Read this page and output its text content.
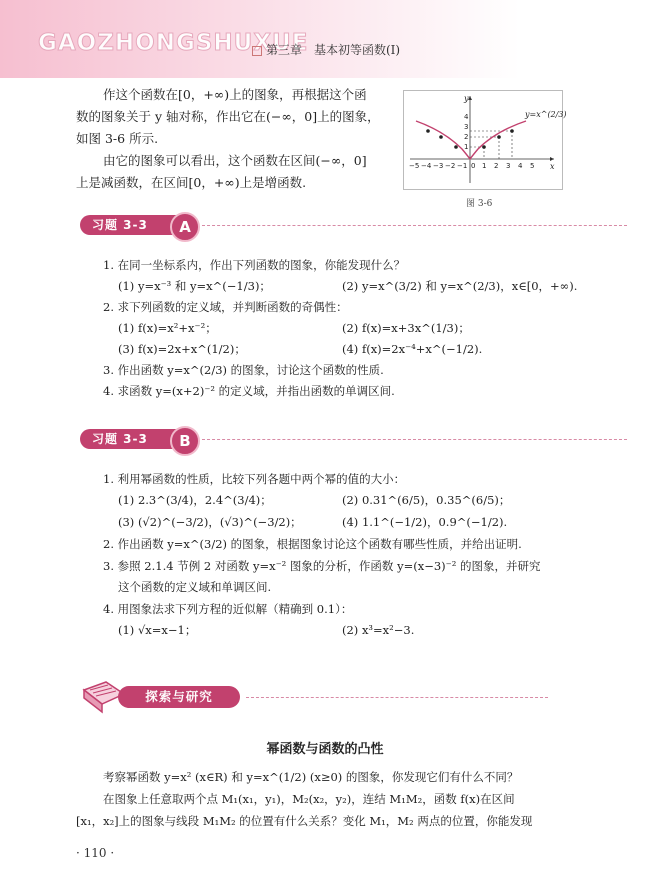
GAOZHONGSHUXUE
第三章　基本初等函数(Ⅰ)
作这个函数在[0，+∞)上的图象，再根据这个函
数的图象关于 y 轴对称，作出它在(−∞，0]上的图象，
如图 3-6 所示.
由它的图象可以看出，这个函数在区间(−∞，0]
上是减函数，在区间[0，+∞)上是增函数.
y=x^(2/3)
y
x
−5 −4 −3 −2 −1 0 1 2 3 4 5
1
2
3
4
图 3-6
习题 3-3	A
1. 在同一坐标系内，作出下列函数的图象，你能发现什么？
(1) y=x⁻³ 和 y=x^(−1/3)；	(2) y=x^(3/2) 和 y=x^(2/3)，x∈[0，+∞).
2. 求下列函数的定义域，并判断函数的奇偶性：
(1) f(x)=x²+x⁻²；	(2) f(x)=x+3x^(1/3)；
(3) f(x)=2x+x^(1/2)；	(4) f(x)=2x⁻⁴+x^(−1/2).
3. 作出函数 y=x^(2/3) 的图象，讨论这个函数的性质.
4. 求函数 y=(x+2)⁻² 的定义域，并指出函数的单调区间.
习题 3-3	B
1. 利用幂函数的性质，比较下列各题中两个幂的值的大小：
(1) 2.3^(3/4)，2.4^(3/4)；	(2) 0.31^(6/5)，0.35^(6/5)；
(3) (√2)^(−3/2)，(√3)^(−3/2)；	(4) 1.1^(−1/2)，0.9^(−1/2).
2. 作出函数 y=x^(3/2) 的图象，根据图象讨论这个函数有哪些性质，并给出证明.
3. 参照 2.1.4 节例 2 对函数 y=x⁻² 图象的分析，作函数 y=(x−3)⁻² 的图象，并研究
这个函数的定义域和单调区间.
4. 用图象法求下列方程的近似解（精确到 0.1）：
(1) √x=x−1；	(2) x³=x²−3.
探索与研究
幂函数与函数的凸性
考察幂函数 y=x² (x∈R) 和 y=x^(1/2) (x≥0) 的图象，你发现它们有什么不同？
在图象上任意取两个点 M₁(x₁，y₁)，M₂(x₂，y₂)，连结 M₁M₂，函数 f(x)在区间
[x₁，x₂]上的图象与线段 M₁M₂ 的位置有什么关系？变化 M₁，M₂ 两点的位置，你能发现
· 110 ·
